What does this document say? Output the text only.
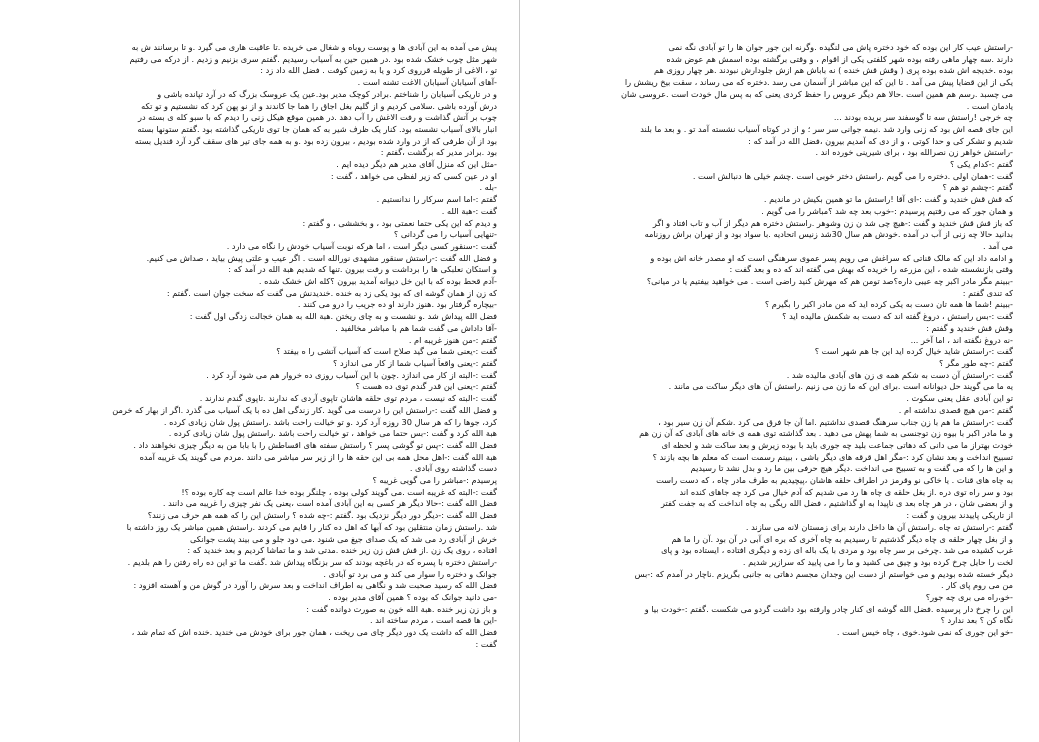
پیش می آمده به این آبادی ها و پوست روباه و شغال می خریده .تا عاقبت هاری می گیرد .و تا برسانند ش به
شهر مثل چوب خشک شده بود .در همین حین به آسیاب رسیدیم .گفتم سری بزنیم و زدیم . از درکه می رفتیم
تو ، الاغی از طویله قرروی کرد و یا به زمین کوفت . فضل الله داد زد :
-آهای آسیابان آسیابان الاغت تشنه است .
و در تاریکی آسیابان را شناختم .برادر کوچک مدیر بود.عین یک عروسک بزرگ که در آرد تپانده باشی و
درش آورده باشی .سلامی کردیم و از گلیم بغل اجاق را هما جا کاندند و از نو پهن کرد که نشستیم و تو تکه
چوب بر آتش گذاشت و رفت الاغش را آب دهد .در همین موقع هیکل زنی را دیدم که با سبو کله ی بسته در
انبار بالای آسیاب نشسته بود. کنار یک ظرف شیر به که همان جا توی تاریکی گذاشته بود .گفتم ستونها بسته
بود از آن طرفی که از در وارد شده بودیم ، بیرون زده بود .و به همه جای تیر های سقف گرد آرد قندیل بسته
بود .برادر مدیر که برگشت ،گفتم :
-مثل این که منزل آقای مدیر هم دیگر دیده ایم .
او در عین کسی که زیر لفظی می خواهد ، گفت :
-بله .
گفتم :-اما اسم سرکار را ندانستیم .
گفت :-هبة الله .
و دیدم که این یکی حتما نعمتی بود ، و بخششی ، و گفتم :
-تنهایی آسیاب را می گردانی ؟
گفت :-سنقور کسی دیگر است ، اما هرکه نوبت آسیاب خودش را نگاه می دارد .
و فضل الله گفت :-راستش سنقور مشهدی نورالله است . اگر عیب و علتی پیش بیاید ، صداش می کنیم.
و استکان نعلبکی ها را برداشت و رفت بیرون .تنها که شدیم هبة الله در آمد که :
-آدم قحط بوده که با این خل دیوانه آمدید بیرون ؟کله اش خشک شده .
که زن از همان گوشه ای که بود یکی زد به خنده .خندیدنش می گفت که سخت جوان است .گفتم :
-بیچاره گرفتار بود .هنوز دارند او ده جریب را درو می کنند .
فضل الله پیداش شد .و نشست و به چای ریختن .هبة الله به همان خجالت زدگی اول گفت :
-آقا داداش می گفت شما هم با مباشر مخالفید .
گفتم :-من هنوز غریبه ام .
گفت :-یعنی شما می گید صلاح است که آسیاب آتشی را ه بیفتد ؟
گفتم :-یعنی واقعاً آسیاب شما از کار می اندازد ؟
گفت :-البته از کار می اندازد .چون با این آسیاب روزی ده خروار هم می شود آرد کرد .
گفتم :-یعنی این قدر گندم توی ده هست ؟
گفت :-البته که نیست ، مردم توی حلقه هاشان تاپوی آردی که ندارند .تاپوی گندم ندارند .
و فضل الله گفت :-راستش این را درست می گوید .کار زندگی اهل ده با یک آسیاب می گذرد .اگر از بهار که خرمن
کرد، جوها را که هر سال 30 روزه آرد کرد .و تو خیالت راحت باشد .راستش پول شان زیادی کرده .
هبة الله کرد و گفت :-بس حتما می خواهد ، تو خیالت راحت باشد .راستش پول شان زیادی کرده .
فضل الله گفت :-پس تو گوشی پسر ؟ راستش سفته های اقساطش را با بابا من به دیگر چیزی نخواهند داد .
هبة الله گفت :-اهل محل همه بی این حقه ها را از زیر سر مباشر می دانند .مردم می گویند یک غریبه آمده
دست گذاشته روی آبادی .
پرسیدم :-مباشر را می گویی غریبه ؟
گفت :-البته که غریبه است .می گویند کولی بوده ، چلنگر بوده خدا عالم است چه کاره بوده ؟!
فضل الله گفت :-حالا دیگر هر کسی به این آبادی آمده است ،یعنی یک نفر چیزی را غریبه می دانند .
فضل الله گفت :-دیگر دور دیگر نزدیک بود .گفتم :-چه شده ؟ راستش این را که همه هم حرف می زنند؟
شد .راستش زمان منتقلین بود که آبها که اهل ده کنار را قایم می کردند .راستش همین مباشر یک روز داشته با
خرش از آبادی رد می شد که یک صدای جیغ می شنود .می دود جلو و می بیند پشت جوانکی
افتاده ، روی یک زن .از قش قش زن زیر خنده .مدتی شد و ما تماشا کردیم و بعد خندید که :
-راستش دختره با پسره که در باغچه بودند که سر بزنگاه پیداش شد .گفت ما تو این ده راه رفتن را هم بلدیم .
جوانک و دختره را سوار می کند و می برد تو آبادی .
فضل الله که رسید صحبت شد و نگاهی به اطراف انداخت و بعد سرش را آورد در گوش من و آهسته افزود :
-می دانید جوانک که بوده ؟ همین آقای مدیر بوده .
و باز زن زیر خنده .هبة الله خون به صورت دوانده گفت :
-این ها قصه است ، مردم ساخته اند .
فضل الله که داشت یک دور دیگر چای می ریخت ، همان جور برای خودش می خندید .خنده اش که تمام شد ،
گفت :
-راستش عیب کار این بوده که خود دختره پاش می لنگیده .وگرنه این جور جوان ها را تو آبادی نگه نمی
دارند .سه چهار ماهی رفته بوده شهر کلفتی یکی از اقوام ، و وقتی برگشته بوده اسمش هم عوض شده
بوده .خدیجه اش شده بوده پری ( وقش قش خنده ) نه باباش هم ازش جلودارش نبودند .هر چهار روزی هم
یکی از این قضایا پیش می آمد . تا این که این مباشر از آسمان می رسد .دختره که می رساند ، سقت بیخ ریشش را
می چسبد .رسم هم همین است .حالا هم دیگر عروس را حفظ کردی یعنی که به پس مال خودت است .عروسی شان
یادمان است .
چه خرجی !راستش سه تا گوسفند سر بریده بودند ...
این جای قصه اش بود که زنی وارد شد .نیمه جوانی سر سر ؛ و از در کوتاه آسیاب نشسته آمد تو . و بعد ما بلند
شدیم و تشکر کی و حدا کوتی ، و از دی که آمدیم بیرون ،فضل الله در آمد که :
-راستش خواهر زن نصرالله بود ، برای شیرینی خورده اند .
گفتم :-کدام یکی ؟
گفت :-همان اولی .دختره را می گویم .راستش دختر خوبی است .چشم خیلی ها دنبالش است .
گفتم :-چشم تو هم ؟
که قش قش خندید و گفت :-ای آقا !راستش ما تو همین بکیش در ماندیم .
و همان جور که می رفتیم پرسیدم :-خوب بعد چه شد ؟مباشر را می گویم .
که باز قش قش خندید و گفت :-هیچ چی شد ن زن وشوهر .راستش دختره هم دیگر از آب و تاب افتاد و اگر
بدانید حالا چه زنی از آب در آمده .خودش هم سال 30شد زنیس اتحادیه .با سواد بود و از تهران براش روزنامه
می آمد .
و ادامه داد این که مالک قناتی که سراغش می رویم پسر عموی سرهنگی است که او مصدر خانه اش بوده و
وقتی بازنشسته شده ، این مزرعه را خریده که بهش می گفته اند که ده و بعد گفت :
-ببینم مگر مادر اکبر چه عیبی داره؟صد تومن هم که مهرش کنید راضی است . می خواهید بیفتیم یا در میانی؟
که تندی گفتم :
-ببینم !شما ها همه تان دست به یکی کرده اید که من مادر اکبر را بگیرم ؟
گفت :-بس راستش ، دروغ گفته اند که دست به شکمش مالیده اید ؟
وقش قش خندید و گفتم :
-نه دروغ نگفته اند ، اما آخر ...
گفت :-راستش شاید خیال کرده اید این جا هم شهر است ؟
گفتم :-چه طور مگر ؟
گفت :-راستش آن دست به شکم همه ی زن های آبادی مالیده شد .
یه ما می گویند حل دیوانانه است .برای این که ما زن می زنیم .راستش آن های دیگر ساکت می مانند .
تو این آبادی عقل یعنی سکوت .
گفتم :-من هیچ قصدی نداشته ام .
گفت :-راستش ما هم با زن جناب سرهنگ قصدی نداشتیم .اما آن جا فرق می کرد .شکم آن زن سیر بود ،
و ما مادر اکبر با بیوه زن توجنسی به شما پهش می دهید . بعد گذاشته توی همه ی خانه های آبادی که آن زن هم
خودت بهتراز ما می دانی که دهاتی جماعت بلید چه جوری باید با بوده زیرش و بعد ساکت شد و لحظه ای
تسبیح انداخت و بعد نشان کرد :-مگر اهل قرقه های دیگر باشی ، ببینم رسمت است که معلم ها بچه بازند ؟
و این ها را که می گفت و به تسبیح می انداخت .دیگر هیچ حرفی بین ما رد و بدل نشد تا رسیدیم
به چاه های قنات . یا خاکی نو وقرمز در اطراف حلقه هاشان ،پیچیدیم به طرف مادر چاه ، که دست راست
بود و سر راه توی دره .از بغل حلقه ی چاه ها رد می شدیم که آدم خیال می کرد چه جاهای کنده اند
و از بعضی شان ، در هر چاه بعد ی ناپیدا به او گذاشتیم ، فضل الله ریگی به چاه انداخت که به جفت کفتر
از تاریکی پاییدند بیرون و گفت :
گفتم :-راستش ته چاه .راستش آن ها داخل دارند برای زمستان لانه می سازند .
و از بغل چهار حلقه ی چاه دیگر گذشتیم تا رسیدیم به چاه آخری که بره ای آبی در آن بود .آن را ما هم
غرب کشیده می شد .چرخی بر سر چاه بود و مردی با یک باله ای زده و دیگری افتاده ، ایستاده بود و پای
لخت را حایل چرخ کرده بود و چیق می کشید و ما را می پایید که سرازیر شدیم .
دیگر خسته شده بودیم و می خواستم از دست این وجدان مجسم دهاتی به جانبی بگریزم .ناچار در آمدم که :-بس
من می روم پای کار .
-خو،راه می بری چه جور؟
این را چرخ دار پرسیده .فضل الله گوشه ای کنار چادر وارفته بود داشت گردو می شکست .گفتم :-خودت بیا و
نگاه کن ؟ بعد ندارد ؟
-خو این جوری که نمی شود.خوی ، چاه خیس است .
